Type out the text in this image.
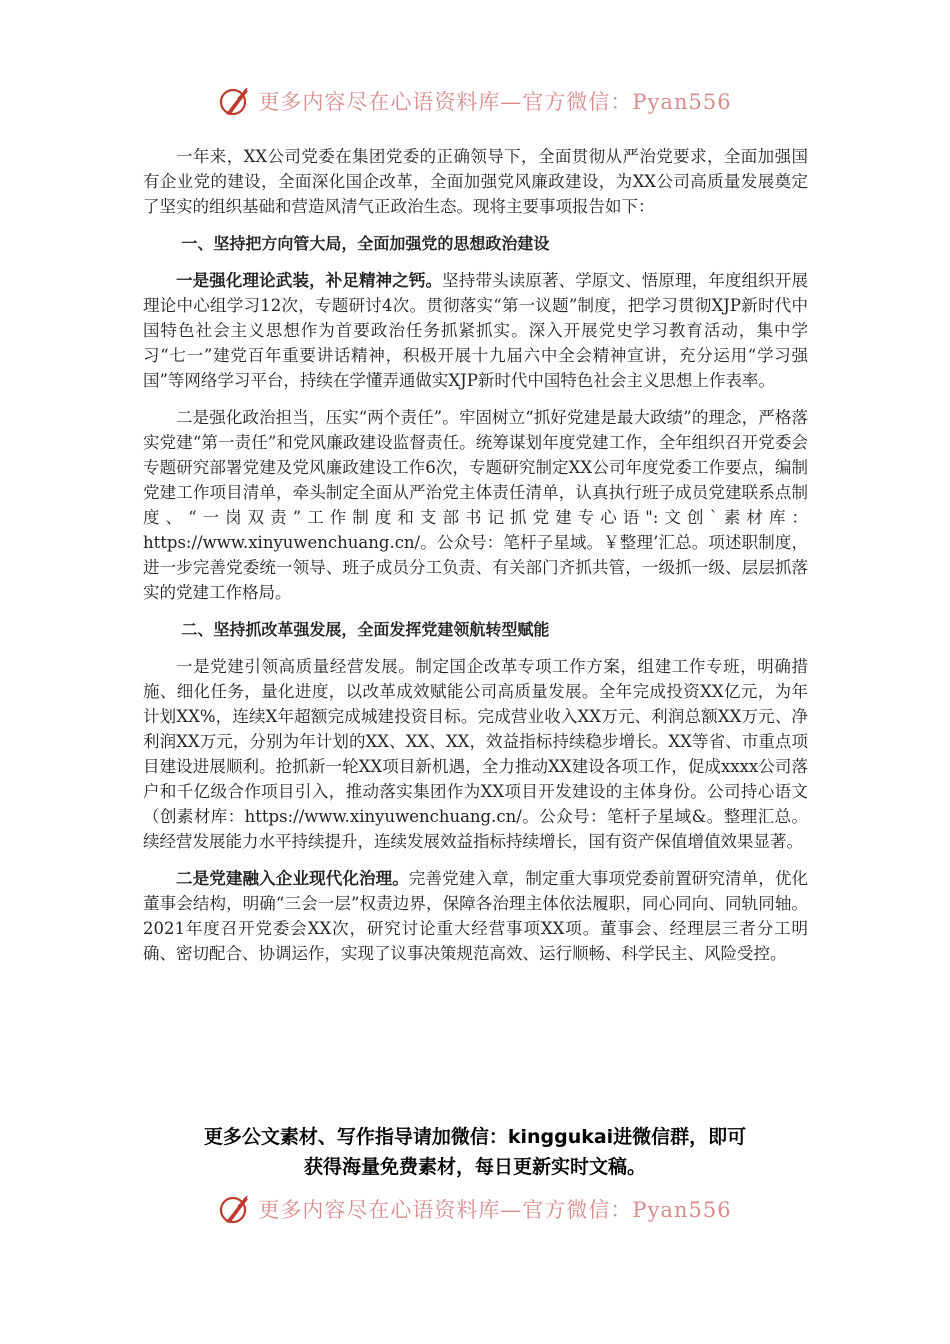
更多内容尽在心语资料库—官方微信：Pyan556

一年来，XX公司党委在集团党委的正确领导下，全面贯彻从严治党要求，全面加强国有企业党的建设，全面深化国企改革，全面加强党风廉政建设，为XX公司高质量发展奠定了坚实的组织基础和营造风清气正政治生态。现将主要事项报告如下：

一、坚持把方向管大局，全面加强党的思想政治建设

一是强化理论武装，补足精神之钙。坚持带头读原著、学原文、悟原理，年度组织开展理论中心组学习12次，专题研讨4次。贯彻落实“第一议题”制度，把学习贯彻XJP新时代中国特色社会主义思想作为首要政治任务抓紧抓实。深入开展党史学习教育活动，集中学习“七一”建党百年重要讲话精神，积极开展十九届六中全会精神宣讲，充分运用“学习强国”等网络学习平台，持续在学懂弄通做实XJP新时代中国特色社会主义思想上作表率。

二是强化政治担当，压实“两个责任”。牢固树立“抓好党建是最大政绩”的理念，严格落实党建“第一责任”和党风廉政建设监督责任。统筹谋划年度党建工作，全年组织召开党委会专题研究部署党建及党风廉政建设工作6次，专题研究制定XX公司年度党委工作要点，编制党建工作项目清单，牵头制定全面从严治党主体责任清单，认真执行班子成员党建联系点制度、“一岗双责”工作制度和支部书记抓党建专心语":文创`素材库：https://www.xinyuwenchuang.cn/。公众号：笔杆子星域。￥整理’汇总。项述职制度，进一步完善党委统一领导、班子成员分工负责、有关部门齐抓共管，一级抓一级、层层抓落实的党建工作格局。

二、坚持抓改革强发展，全面发挥党建领航转型赋能

一是党建引领高质量经营发展。制定国企改革专项工作方案，组建工作专班，明确措施、细化任务，量化进度，以改革成效赋能公司高质量发展。全年完成投资XX亿元，为年计划XX%，连续X年超额完成城建投资目标。完成营业收入XX万元、利润总额XX万元、净利润XX万元，分别为年计划的XX、XX、XX，效益指标持续稳步增长。XX等省、市重点项目建设进展顺利。抢抓新一轮XX项目新机遇，全力推动XX建设各项工作，促成xxxx公司落户和千亿级合作项目引入，推动落实集团作为XX项目开发建设的主体身份。公司持心语文（创素材库：https://www.xinyuwenchuang.cn/。公众号：笔杆子星域&。整理汇总。续经营发展能力水平持续提升，连续发展效益指标持续增长，国有资产保值增值效果显著。

二是党建融入企业现代化治理。完善党建入章，制定重大事项党委前置研究清单，优化董事会结构，明确“三会一层”权责边界，保障各治理主体依法履职，同心同向、同轨同轴。2021年度召开党委会XX次，研究讨论重大经营事项XX项。董事会、经理层三者分工明确、密切配合、协调运作，实现了议事决策规范高效、运行顺畅、科学民主、风险受控。

更多公文素材、写作指导请加微信：kinggukai进微信群，即可
获得海量免费素材，每日更新实时文稿。
更多内容尽在心语资料库—官方微信：Pyan556
